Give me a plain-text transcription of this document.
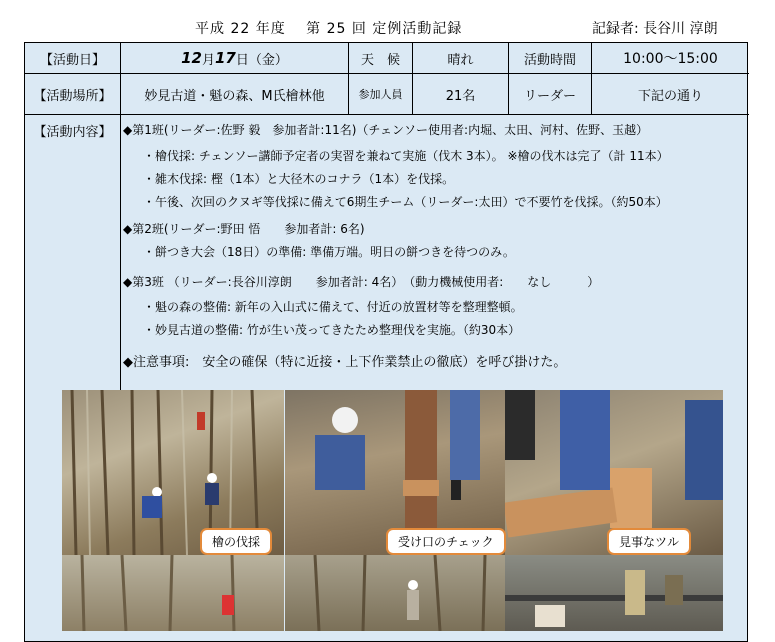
平成 22 年度　 第 25 回 定例活動記録	記録者: 長谷川 淳朗
【活動日】	12 月 17 日 （金）	天　候	晴れ	活動時間	10:00～15:00
【活動場所】	妙見古道・魁の森、M氏檜林他	参加人員	21名	リーダー	下記の通り
【活動内容】 ◆第1班(リーダー:佐野 毅　参加者計:11名)（チェンソー使用者:内堀、太田、河村、佐野、玉越）
・檜伐採: チェンソー講師予定者の実習を兼ねて実施（伐木 3本）。 ※檜の伐木は完了（計 11本）
・雑木伐採: 樫（1本）と大径木のコナラ（1本）を伐採。
・午後、次回のクヌギ等伐採に備えて6期生チーム（リーダー:太田）で不要竹を伐採。（約50本）
◆第2班(リーダー:野田 悟　　参加者計: 6名)
・餅つき大会（18日）の準備: 準備万端。明日の餅つきを待つのみ。
◆第3班 （リーダー:長谷川淳朗　　参加者計: 4名）　（動力機械使用者:　　なし　　　）
・魁の森の整備: 新年の入山式に備えて、付近の放置材等を整理整頓。
・妙見古道の整備: 竹が生い茂ってきたため整理伐を実施。（約30本）
◆注意事項:　安全の確保（特に近接・上下作業禁止の徹底）を呼び掛けた。
檜の伐採	受け口のチェック	見事なツル
